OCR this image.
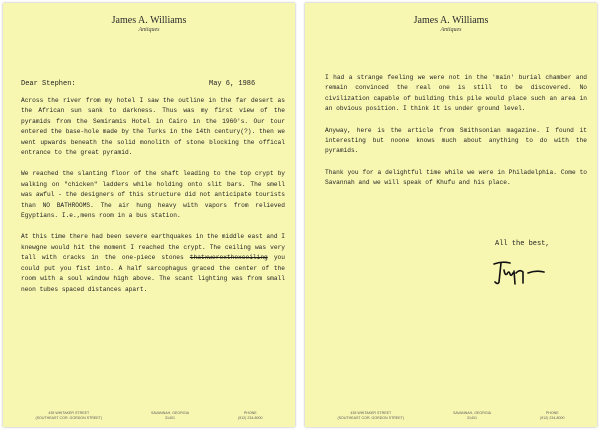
James A. Williams
Antiques
Dear Stephen:	May 6, 1986

Across the river from my hotel I saw the outline in the far desert as the African sun sank to darkness. Thus was my first view of the pyramids from the Semiramis Hotel in Cairo in the 1960's. Our tour entered the base-hole made by the Turks in the 14th century(?). then we went upwards beneath the solid monolith of stone blocking the offical entrance to the great pyramid.

We reached the slanting floor of the shaft leading to the top crypt by walking on "chicken" ladders while holding onto slit bars. The smell was awful - the designers of this structure did not anticipate tourists than NO BATHROOMS. The air hung heavy with vapors from relieved Egyptians. I.e.,mens room in a bus station.

At this time there had been severe earthquakes in the middle east and I knewgne would hit the moment I reached the crypt. The ceiling was very tall with cracks in the one-piece stones thatxwerexthexceiling you could put you fist into. A half sarcophagus graced the center of the room with a soul window high above. The scant lighting was from small neon tubes spaced distances apart.

435 WHITAKER STREET
(SOUTHEAST COR. GORDON STREET)
SAVANNAH, GEORGIA
31401
PHONE
(912) 234-8000
James A. Williams
Antiques

I had a strange feeling we were not in the 'main' burial chamber and remain convinced the real one is still to be discovered. No civilization capable of building this pile would place such an area in an obvious position. I think it is under ground level.

Anyway, here is the article from Smithsonian magazine. I found it interesting but noone knows much about anything to do with the pyramids.

Thank you for a delightful time while we were in Philadelphia. Come to Savannah and we will speak of Khufu and his place.

All the best,
435 WHITAKER STREET
(SOUTHEAST COR. GORDON STREET)
SAVANNAH, GEORGIA
31401
PHONE
(912) 234-8000
